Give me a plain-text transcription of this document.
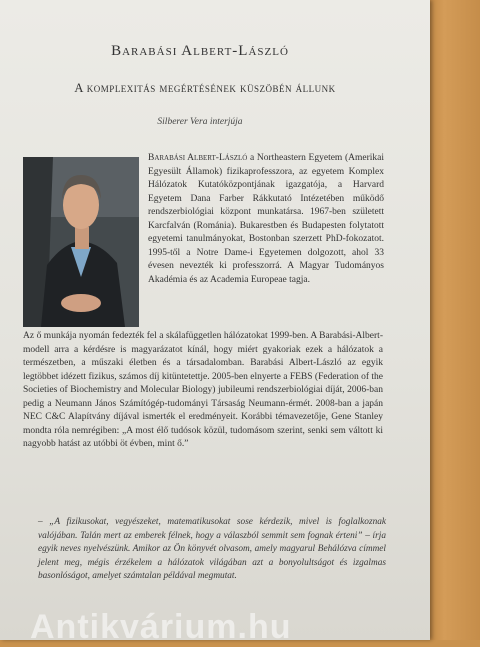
Barabási Albert-László
A komplexitás megértésének küszöbén állunk
Silberer Vera interjúja
Barabási Albert-László a Northeastern Egyetem (Amerikai Egyesült Államok) fizikaprofesszora, az egyetem Komplex Hálózatok Kutatóközpontjának igazgatója, a Harvard Egyetem Dana Farber Rákkutató Intézetében működő rendszerbiológiai központ munkatársa. 1967-ben született Karcfalván (Románia). Bukarestben és Budapesten folytatott egyetemi tanulmányokat, Bostonban szerzett PhD-fokozatot. 1995-től a Notre Dame-i Egyetemen dolgozott, ahol 33 évesen nevezték ki professzorrá. A Magyar Tudományos Akadémia és az Academia Europeae tagja.
Az ő munkája nyomán fedezték fel a skálafüggetlen hálózatokat 1999-ben. A Barabási-Albert-modell arra a kérdésre is magyarázatot kínál, hogy miért gyakoriak ezek a hálózatok a természetben, a műszaki életben és a társadalomban. Barabási Albert-László az egyik legtöbbet idézett fizikus, számos díj kitüntetettje. 2005-ben elnyerte a FEBS (Federation of the Societies of Biochemistry and Molecular Biology) jubileumi rendszerbiológiai díját, 2006-ban pedig a Neumann János Számítógép-tudományi Társaság Neumann-érmét. 2008-ban a japán NEC C&C Alapítvány díjával ismerték el eredményeit. Korábbi témavezetője, Gene Stanley mondta róla nemrégiben: „A most élő tudósok közül, tudomásom szerint, senki sem váltott ki nagyobb hatást az utóbbi öt évben, mint ő.”
– „A fizikusokat, vegyészeket, matematikusokat sose kérdezik, mivel is foglalkoznak valójában. Talán mert az emberek félnek, hogy a válaszból semmit sem fognak érteni” – írja egyik neves nyelvészünk. Amikor az Ön könyvét olvasom, amely magyarul Behálózva címmel jelent meg, mégis érzékelem a hálózatok világában azt a bonyolultságot és izgalmas basonlóságot, amelyet számtalan példával megmutat.
Antikvárium.hu
